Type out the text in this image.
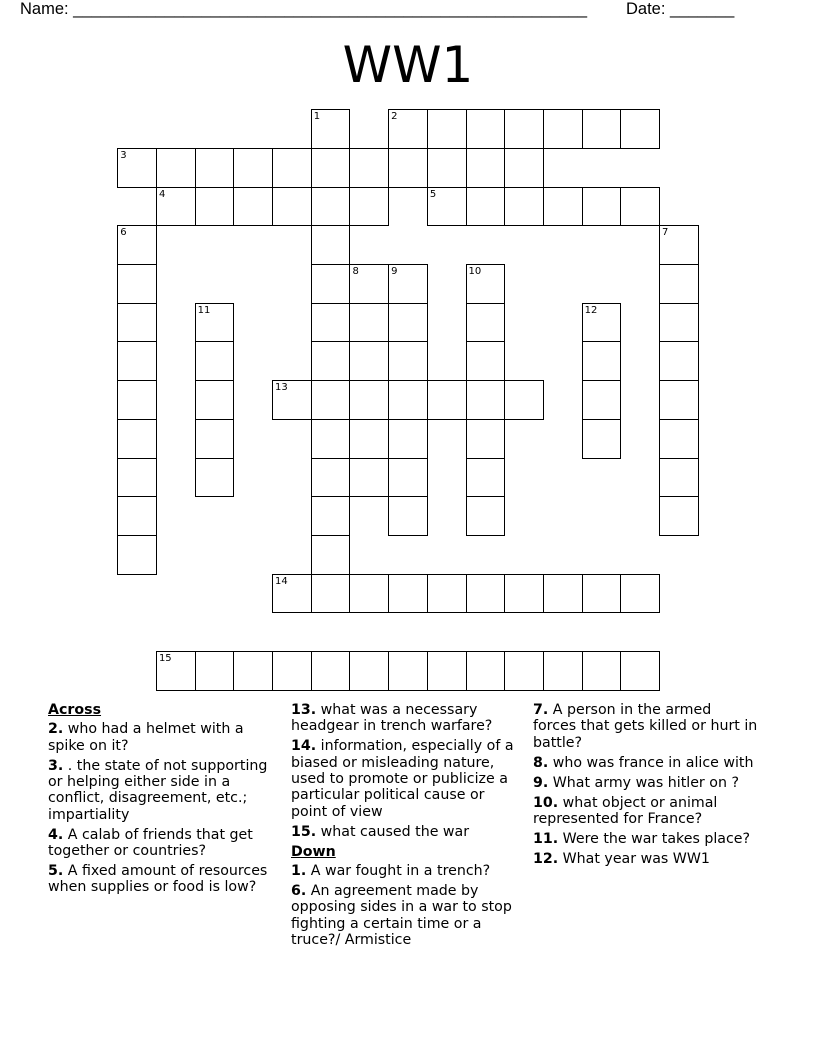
Name: ________________________________________________________ Date: _______
WW1
1	2
3
4	5
6	7
8	9	10
11	12
13
14
15
Across
2. who had a helmet with a spike on it?
3. . the state of not supporting or helping either side in a conflict, disagreement, etc.; impartiality
4. A calab of friends that get together or countries?
5. A fixed amount of resources when supplies or food is low?
13. what was a necessary headgear in trench warfare?
14. information, especially of a biased or misleading nature, used to promote or publicize a particular political cause or point of view
15. what caused the war
Down
1. A war fought in a trench?
6. An agreement made by opposing sides in a war to stop fighting a certain time or a truce?/ Armistice
7. A person in the armed forces that gets killed or hurt in battle?
8. who was france in alice with
9. What army was hitler on ?
10. what object or animal represented for France?
11. Were the war takes place?
12. What year was WW1
